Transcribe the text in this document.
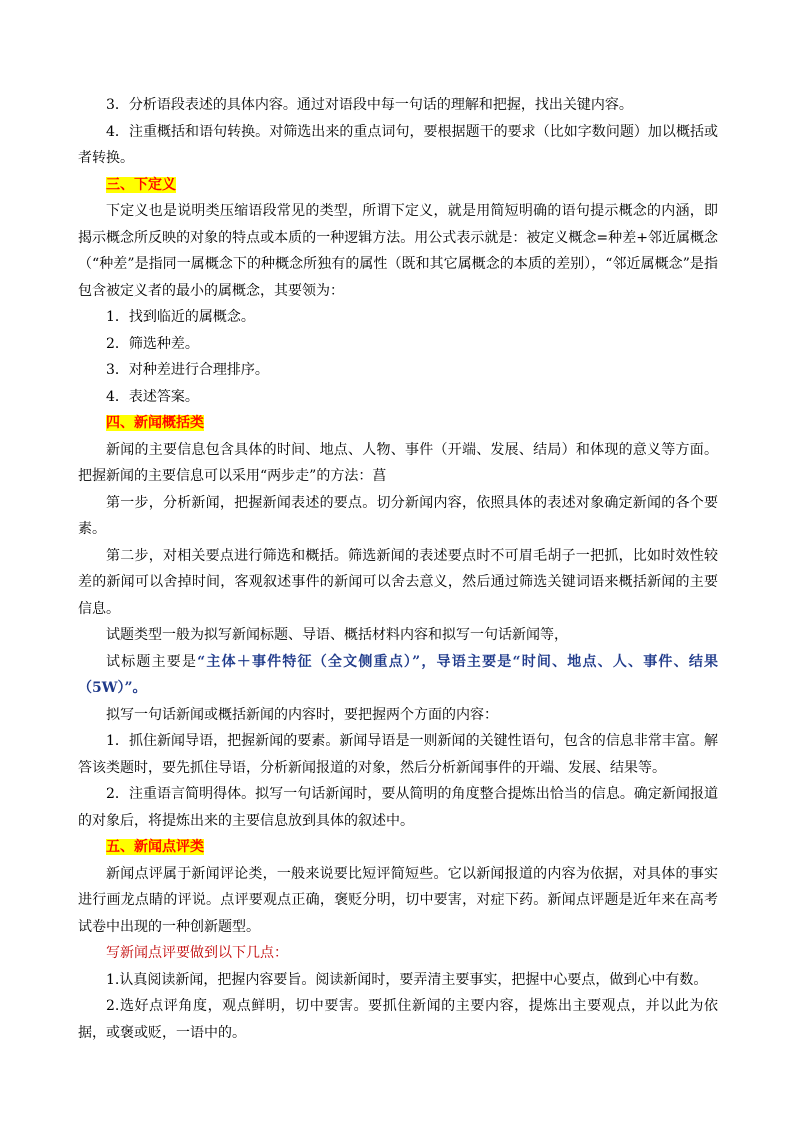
3．分析语段表述的具体内容。通过对语段中每一句话的理解和把握，找出关键内容。

4．注重概括和语句转换。对筛选出来的重点词句，要根据题干的要求（比如字数问题）加以概括或者转换。

三、下定义

下定义也是说明类压缩语段常见的类型，所谓下定义，就是用简短明确的语句提示概念的内涵，即揭示概念所反映的对象的特点或本质的一种逻辑方法。用公式表示就是：被定义概念=种差+邻近属概念（“种差”是指同一属概念下的种概念所独有的属性（既和其它属概念的本质的差别），“邻近属概念”是指包含被定义者的最小的属概念，其要领为：

1．找到临近的属概念。

2．筛选种差。

3．对种差进行合理排序。

4．表述答案。

四、新闻概括类

新闻的主要信息包含具体的时间、地点、人物、事件（开端、发展、结局）和体现的意义等方面。把握新闻的主要信息可以采用“两步走”的方法：菖

第一步，分析新闻，把握新闻表述的要点。切分新闻内容，依照具体的表述对象确定新闻的各个要素。

第二步，对相关要点进行筛选和概括。筛选新闻的表述要点时不可眉毛胡子一把抓，比如时效性较差的新闻可以舍掉时间，客观叙述事件的新闻可以舍去意义，然后通过筛选关键词语来概括新闻的主要信息。

试题类型一般为拟写新闻标题、导语、概括材料内容和拟写一句话新闻等，

试标题主要是“主体＋事件特征（全文侧重点）”，导语主要是“时间、地点、人、事件、结果（5W）”。

拟写一句话新闻或概括新闻的内容时，要把握两个方面的内容：

1．抓住新闻导语，把握新闻的要素。新闻导语是一则新闻的关键性语句，包含的信息非常丰富。解答该类题时，要先抓住导语，分析新闻报道的对象，然后分析新闻事件的开端、发展、结果等。

2．注重语言简明得体。拟写一句话新闻时，要从简明的角度整合提炼出恰当的信息。确定新闻报道的对象后，将提炼出来的主要信息放到具体的叙述中。

五、新闻点评类

新闻点评属于新闻评论类，一般来说要比短评简短些。它以新闻报道的内容为依据，对具体的事实进行画龙点睛的评说。点评要观点正确，褒贬分明，切中要害，对症下药。新闻点评题是近年来在高考试卷中出现的一种创新题型。

写新闻点评要做到以下几点：

1.认真阅读新闻，把握内容要旨。阅读新闻时，要弄清主要事实，把握中心要点，做到心中有数。

2.选好点评角度，观点鲜明，切中要害。要抓住新闻的主要内容，提炼出主要观点，并以此为依据，或褒或贬，一语中的。
